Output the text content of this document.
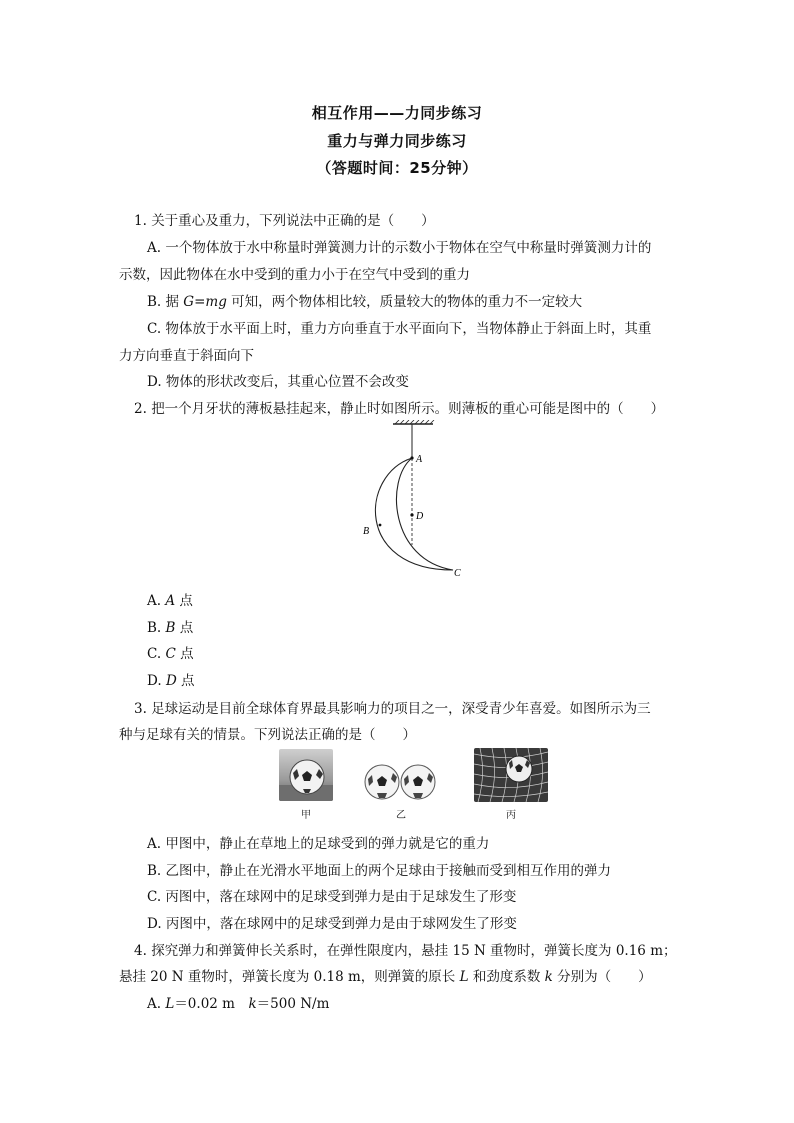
相互作用——力同步练习
重力与弹力同步练习
（答题时间：25分钟）
1. 关于重心及重力，下列说法中正确的是（　　）
A. 一个物体放于水中称量时弹簧测力计的示数小于物体在空气中称量时弹簧测力计的
示数，因此物体在水中受到的重力小于在空气中受到的重力
B. 据 G=mg 可知，两个物体相比较，质量较大的物体的重力不一定较大
C. 物体放于水平面上时，重力方向垂直于水平面向下，当物体静止于斜面上时，其重
力方向垂直于斜面向下
D. 物体的形状改变后，其重心位置不会改变
2. 把一个月牙状的薄板悬挂起来，静止时如图所示。则薄板的重心可能是图中的（　　）
A
D
B
C
A. A 点
B. B 点
C. C 点
D. D 点
3. 足球运动是目前全球体育界最具影响力的项目之一，深受青少年喜爱。如图所示为三
种与足球有关的情景。下列说法正确的是（　　）
甲	乙	丙
A. 甲图中，静止在草地上的足球受到的弹力就是它的重力
B. 乙图中，静止在光滑水平地面上的两个足球由于接触而受到相互作用的弹力
C. 丙图中，落在球网中的足球受到弹力是由于足球发生了形变
D. 丙图中，落在球网中的足球受到弹力是由于球网发生了形变
4. 探究弹力和弹簧伸长关系时，在弹性限度内，悬挂 15 N 重物时，弹簧长度为 0.16 m；
悬挂 20 N 重物时，弹簧长度为 0.18 m，则弹簧的原长 L 和劲度系数 k 分别为（　　）
A. L＝0.02 m　k＝500 N/m
